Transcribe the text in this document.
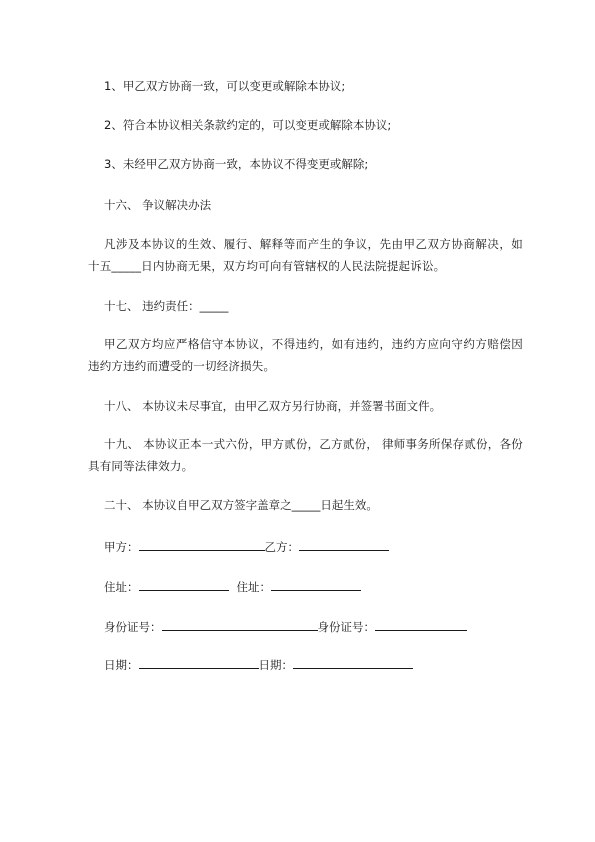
1、甲乙双方协商一致，可以变更或解除本协议;
2、符合本协议相关条款约定的，可以变更或解除本协议;
3、未经甲乙双方协商一致，本协议不得变更或解除;
十六、 争议解决办法
凡涉及本协议的生效、履行、解释等而产生的争议，先由甲乙双方协商解决，如十五_____日内协商无果，双方均可向有管辖权的人民法院提起诉讼。
十七、 违约责任：_____
甲乙双方均应严格信守本协议，不得违约，如有违约，违约方应向守约方赔偿因违约方违约而遭受的一切经济损失。
十八、 本协议未尽事宜，由甲乙双方另行协商，并签署书面文件。
十九、 本协议正本一式六份，甲方贰份，乙方贰份， 律师事务所保存贰份，各份具有同等法律效力。
二十、 本协议自甲乙双方签字盖章之_____日起生效。
甲方：	乙方：
住址：	住址：
身份证号：	身份证号：
日期：	日期：
